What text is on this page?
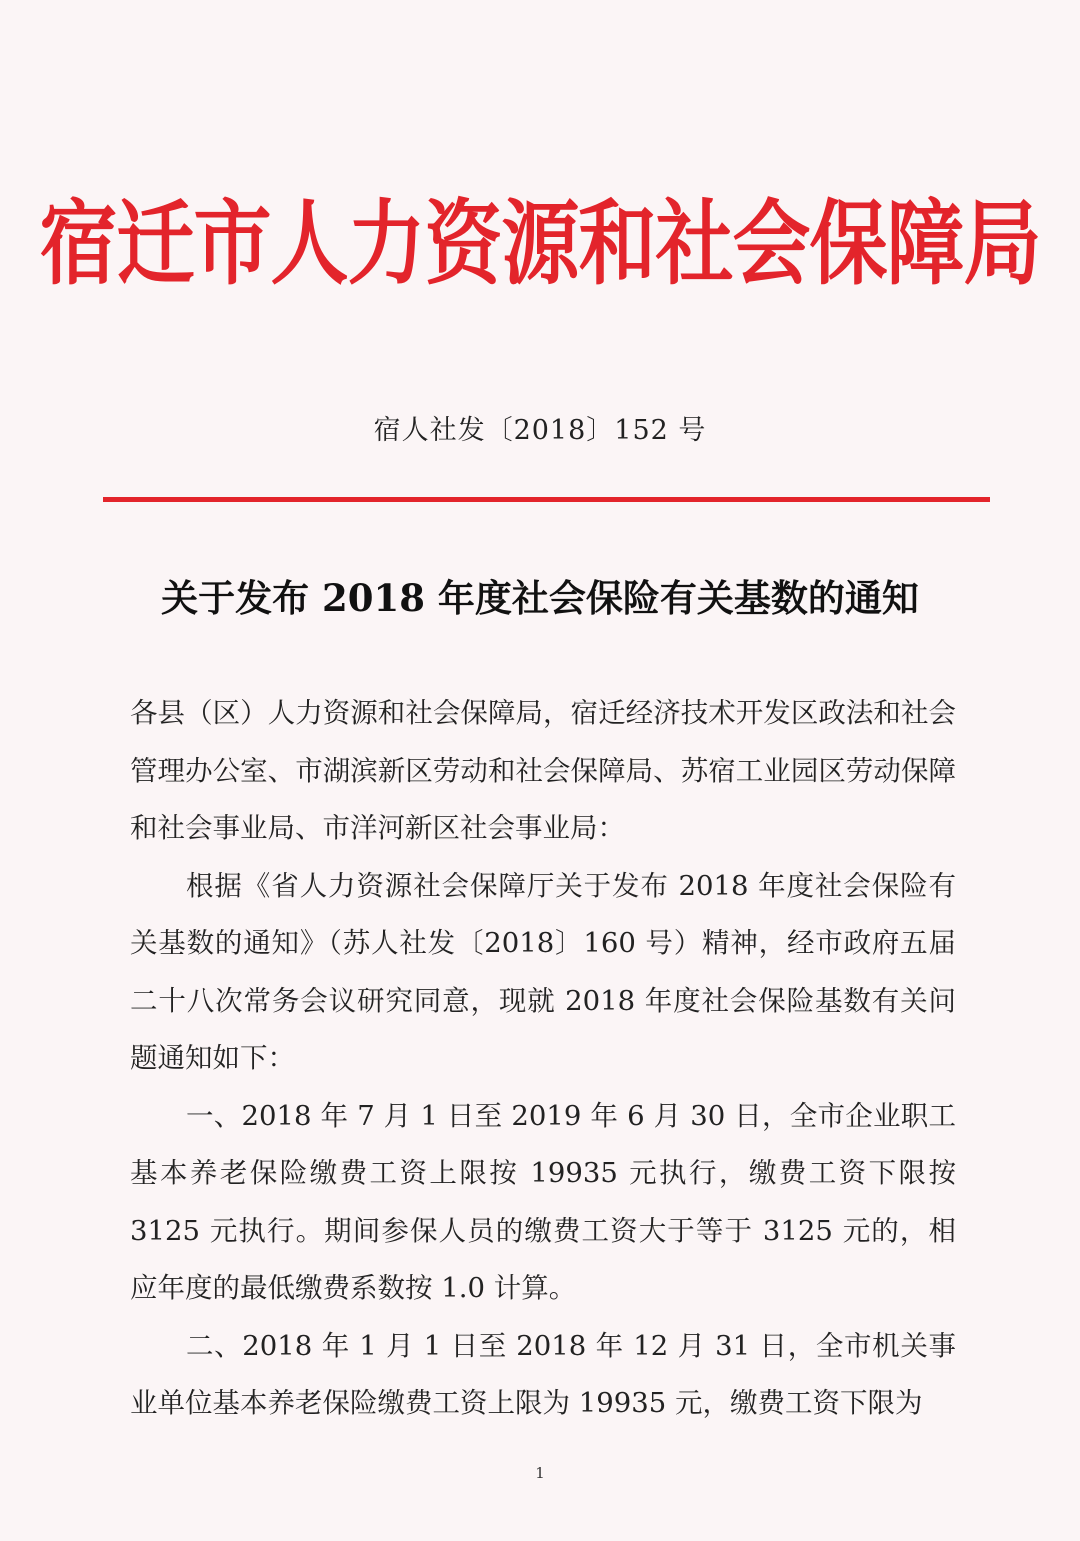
宿迁市人力资源和社会保障局
宿人社发〔2018〕152 号
关于发布 2018 年度社会保险有关基数的通知

各县（区）人力资源和社会保障局，宿迁经济技术开发区政法和社会管理办公室、市湖滨新区劳动和社会保障局、苏宿工业园区劳动保障和社会事业局、市洋河新区社会事业局：

根据《省人力资源社会保障厅关于发布 2018 年度社会保险有关基数的通知》（苏人社发〔2018〕160 号）精神，经市政府五届二十八次常务会议研究同意，现就 2018 年度社会保险基数有关问题通知如下：

一、2018 年 7 月 1 日至 2019 年 6 月 30 日，全市企业职工基本养老保险缴费工资上限按 19935 元执行，缴费工资下限按 3125 元执行。期间参保人员的缴费工资大于等于 3125 元的，相应年度的最低缴费系数按 1.0 计算。

二、2018 年 1 月 1 日至 2018 年 12 月 31 日，全市机关事业单位基本养老保险缴费工资上限为 19935 元，缴费工资下限为

1
